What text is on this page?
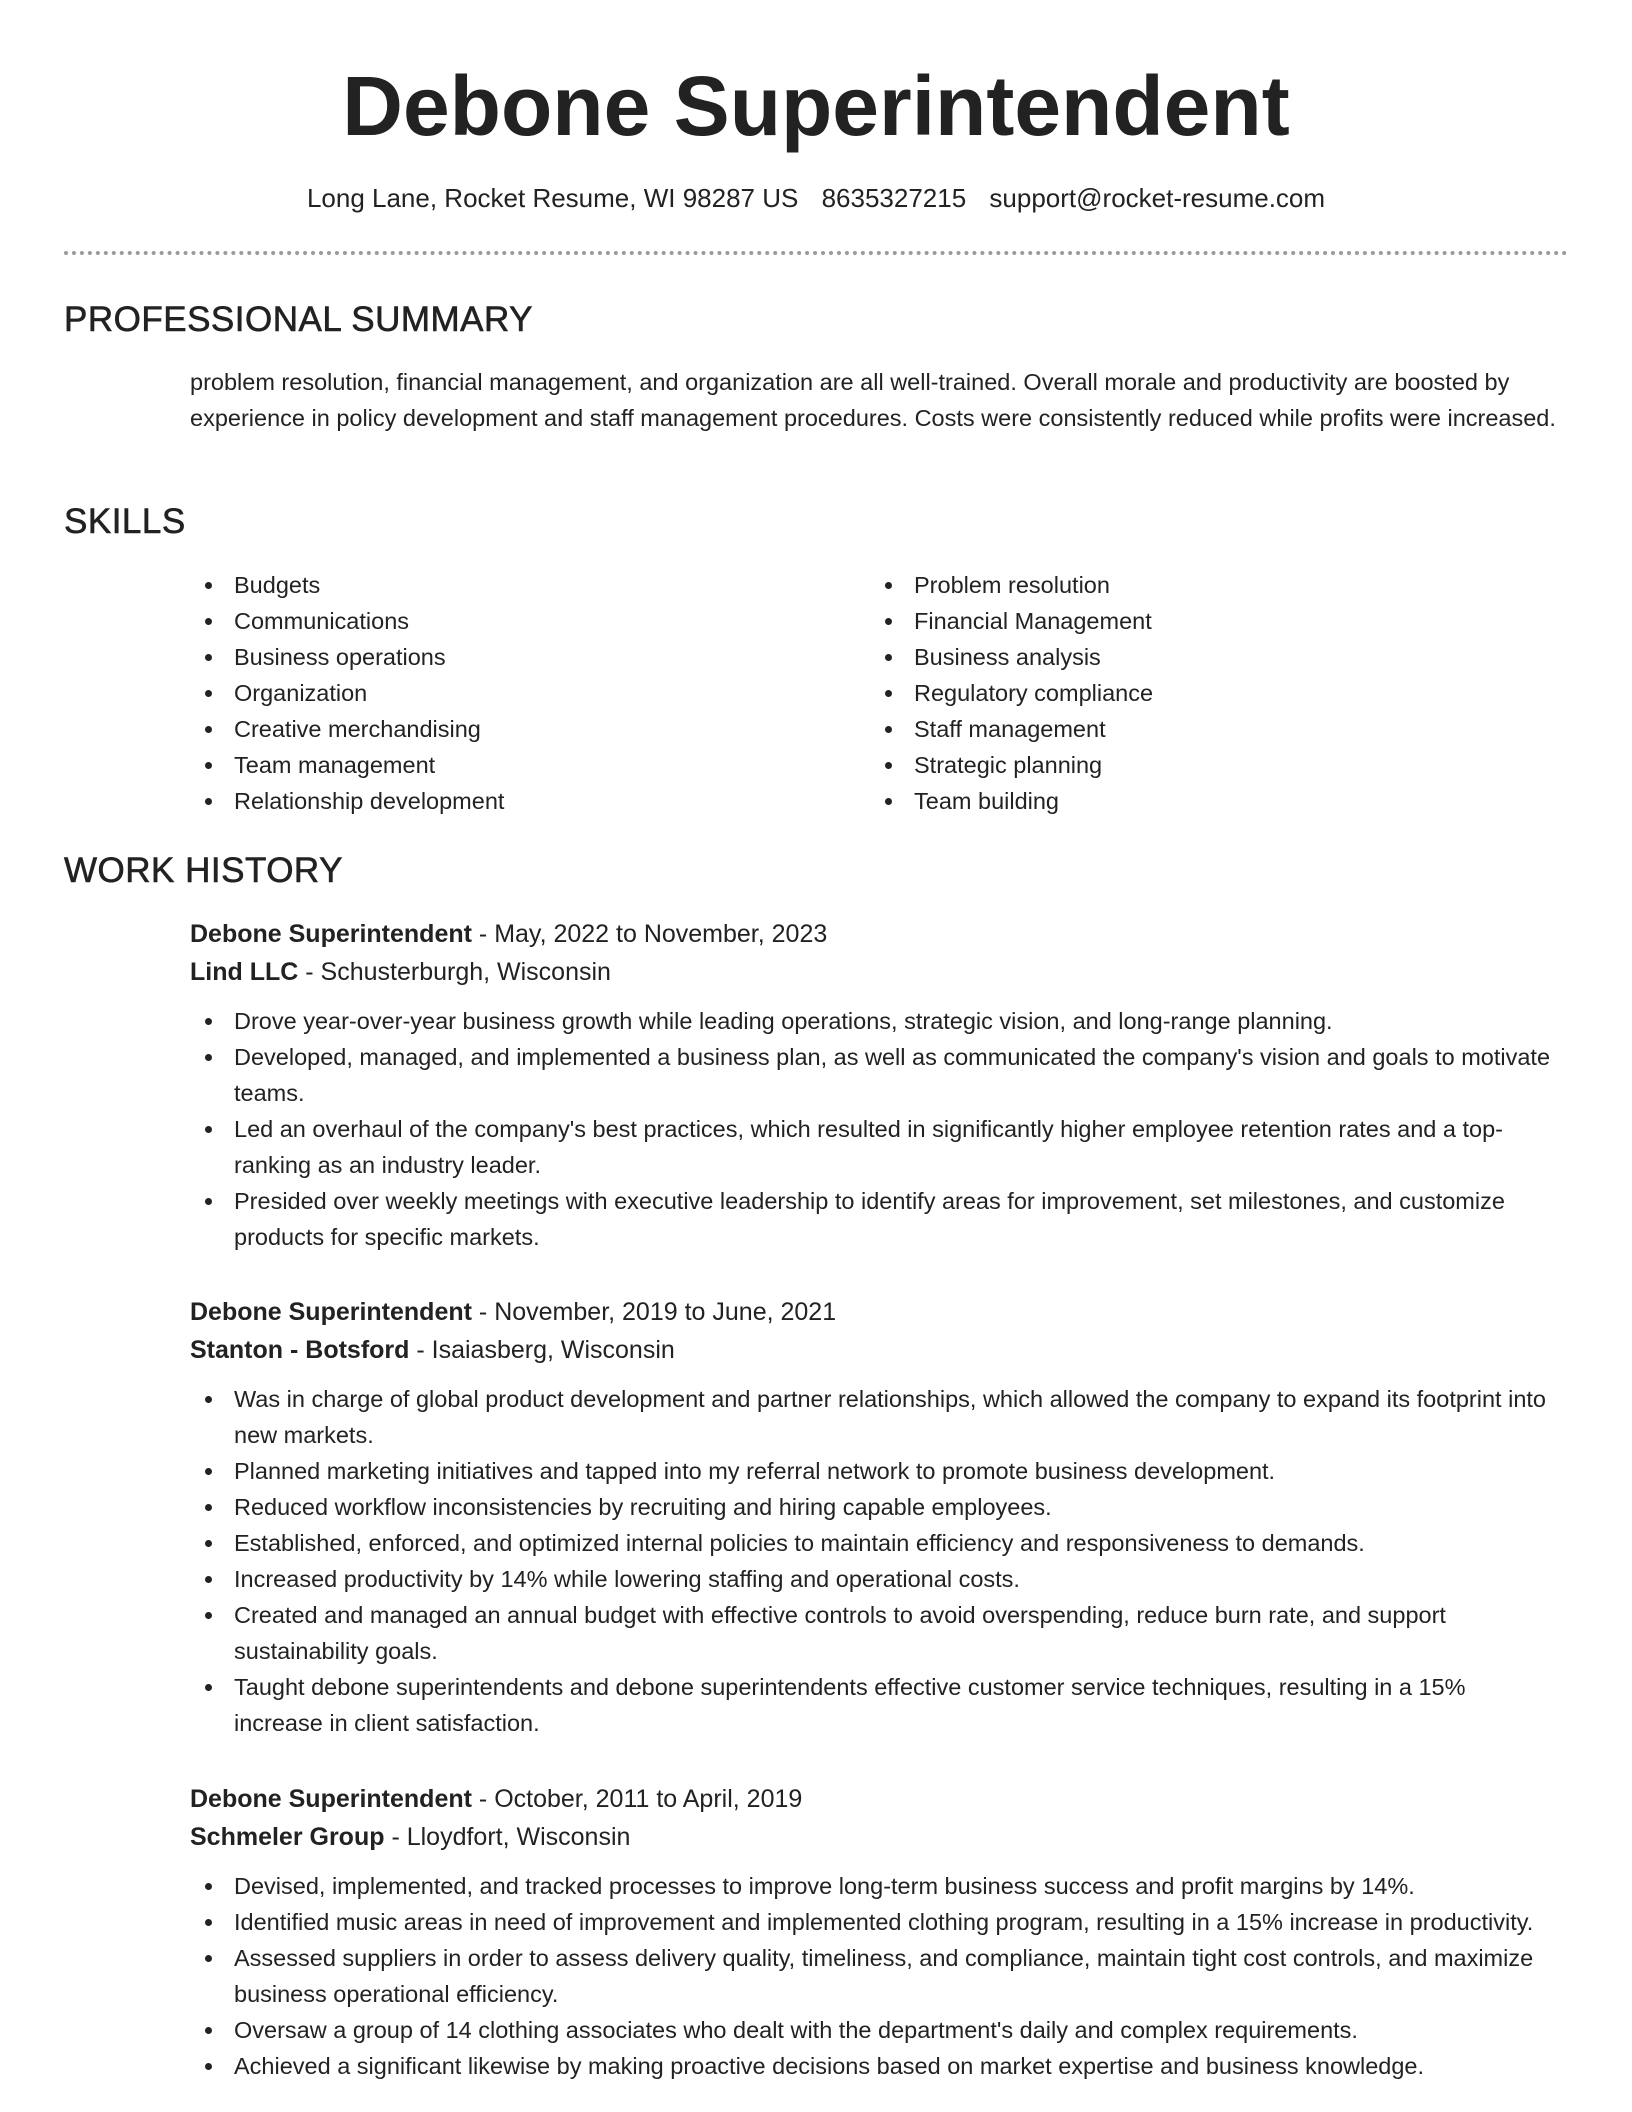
Debone Superintendent
Long Lane, Rocket Resume, WI 98287 US 8635327215 support@rocket-resume.com
PROFESSIONAL SUMMARY

problem resolution, financial management, and organization are all well-trained. Overall morale and productivity are boosted by experience in policy development and staff management procedures. Costs were consistently reduced while profits were increased.

SKILLS
Budgets
Communications
Business operations
Organization
Creative merchandising
Team management
Relationship development
Problem resolution
Financial Management
Business analysis
Regulatory compliance
Staff management
Strategic planning
Team building
WORK HISTORY

Debone Superintendent - May, 2022 to November, 2023

Lind LLC - Schusterburgh, Wisconsin

Drove year-over-year business growth while leading operations, strategic vision, and long-range planning.
Developed, managed, and implemented a business plan, as well as communicated the company's vision and goals to motivate teams.
Led an overhaul of the company's best practices, which resulted in significantly higher employee retention rates and a top-ranking as an industry leader.
Presided over weekly meetings with executive leadership to identify areas for improvement, set milestones, and customize products for specific markets.

Debone Superintendent - November, 2019 to June, 2021

Stanton - Botsford - Isaiasberg, Wisconsin

Was in charge of global product development and partner relationships, which allowed the company to expand its footprint into new markets.
Planned marketing initiatives and tapped into my referral network to promote business development.
Reduced workflow inconsistencies by recruiting and hiring capable employees.
Established, enforced, and optimized internal policies to maintain efficiency and responsiveness to demands.
Increased productivity by 14% while lowering staffing and operational costs.
Created and managed an annual budget with effective controls to avoid overspending, reduce burn rate, and support sustainability goals.
Taught debone superintendents and debone superintendents effective customer service techniques, resulting in a 15% increase in client satisfaction.

Debone Superintendent - October, 2011 to April, 2019

Schmeler Group - Lloydfort, Wisconsin

Devised, implemented, and tracked processes to improve long-term business success and profit margins by 14%.
Identified music areas in need of improvement and implemented clothing program, resulting in a 15% increase in productivity.
Assessed suppliers in order to assess delivery quality, timeliness, and compliance, maintain tight cost controls, and maximize business operational efficiency.
Oversaw a group of 14 clothing associates who dealt with the department's daily and complex requirements.
Achieved a significant likewise by making proactive decisions based on market expertise and business knowledge.
